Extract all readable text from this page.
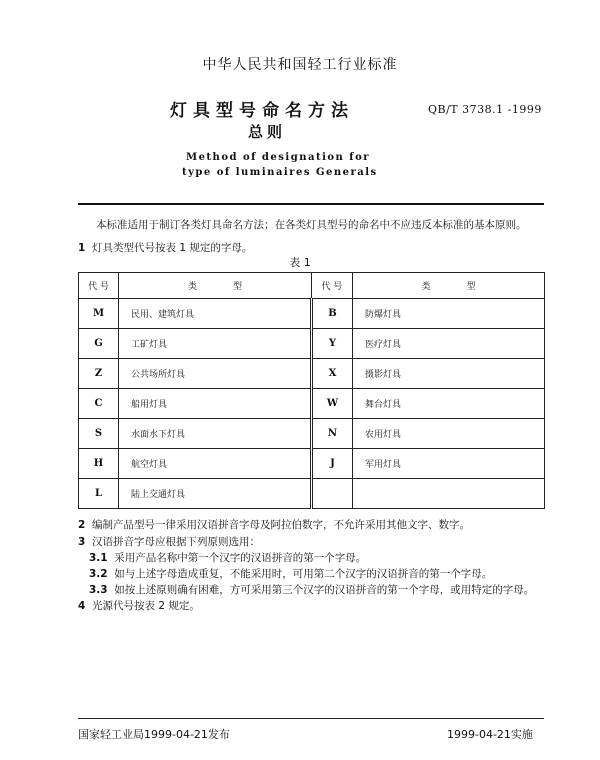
中华人民共和国轻工行业标准
灯具型号命名方法
总则
QB/T 3738.1 -1999
Method of designation for
type of luminaires Generals
本标准适用于制订各类灯具命名方法；在各类灯具型号的命名中不应违反本标准的基本原则。
1 灯具类型代号按表 1 规定的字母。
表 1
代 号	类　　　　型	代 号	类　　　　型
M	民用、建筑灯具	B	防爆灯具
G	工矿灯具	Y	医疗灯具
Z	公共场所灯具	X	摄影灯具
C	船用灯具	W	舞台灯具
S	水面水下灯具	N	农用灯具
H	航空灯具	J	军用灯具
L	陆上交通灯具		
2 编制产品型号一律采用汉语拼音字母及阿拉伯数字，不允许采用其他文字、数字。
3 汉语拼音字母应根据下列原则选用：
3.1 采用产品名称中第一个汉字的汉语拼音的第一个字母。
3.2 如与上述字母造成重复，不能采用时，可用第二个汉字的汉语拼音的第一个字母。
3.3 如按上述原则确有困难，方可采用第三个汉字的汉语拼音的第一个字母，或用特定的字母。
4 光源代号按表 2 规定。
国家轻工业局1999-04-21发布	1999-04-21实施
